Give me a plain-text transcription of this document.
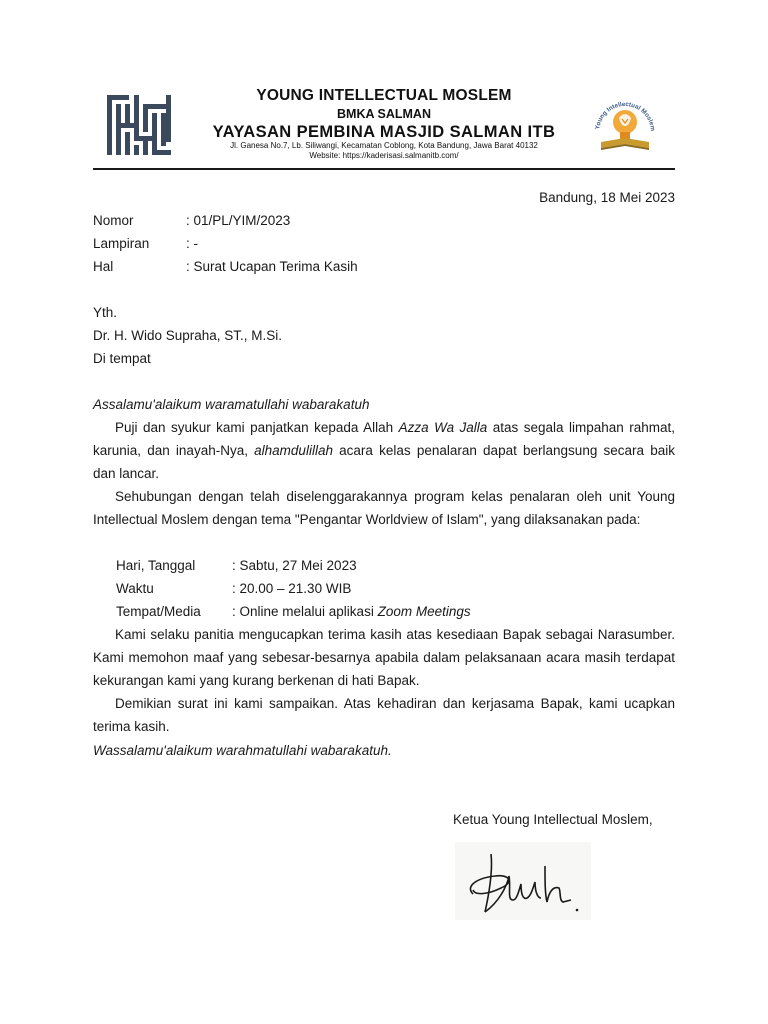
YOUNG INTELLECTUAL MOSLEM
BMKA SALMAN
YAYASAN PEMBINA MASJID SALMAN ITB
Jl. Ganesa No.7, Lb. Siliwangi, Kecamatan Coblong, Kota Bandung, Jawa Barat 40132
Website: https://kaderisasi.salmanitb.com/
Young Intellectual Moslem
Bandung, 18 Mei 2023
Nomor	: 01/PL/YIM/2023
Lampiran	: -
Hal	: Surat Ucapan Terima Kasih
Yth.
Dr. H. Wido Supraha, ST., M.Si.
Di tempat
Assalamu'alaikum waramatullahi wabarakatuh
Puji dan syukur kami panjatkan kepada Allah Azza Wa Jalla atas segala limpahan rahmat, karunia, dan inayah-Nya, alhamdulillah acara kelas penalaran dapat berlangsung secara baik dan lancar.
Sehubungan dengan telah diselenggarakannya program kelas penalaran oleh unit Young Intellectual Moslem dengan tema "Pengantar Worldview of Islam", yang dilaksanakan pada:
Hari, Tanggal	: Sabtu, 27 Mei 2023
Waktu	: 20.00 – 21.30 WIB
Tempat/Media : Online melalui aplikasi Zoom Meetings
Kami selaku panitia mengucapkan terima kasih atas kesediaan Bapak sebagai Narasumber. Kami memohon maaf yang sebesar-besarnya apabila dalam pelaksanaan acara masih terdapat kekurangan kami yang kurang berkenan di hati Bapak.
Demikian surat ini kami sampaikan. Atas kehadiran dan kerjasama Bapak, kami ucapkan terima kasih.
Wassalamu'alaikum warahmatullahi wabarakatuh.
Ketua Young Intellectual Moslem,
